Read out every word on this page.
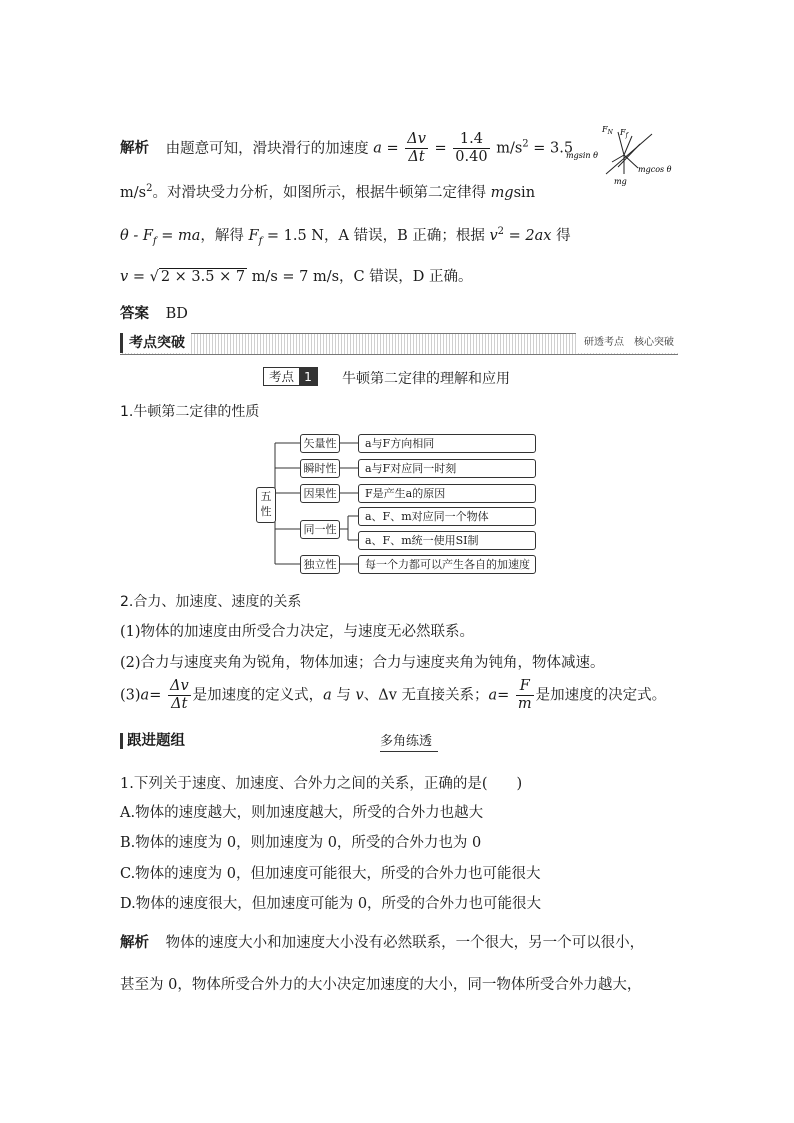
解析 由题意可知，滑块滑行的加速度 $a = \frac{\Delta v}{\Delta t} = \frac{1.4}{0.40} m/s^2 = 3.5$
$F_N$ $F_f$
mgsin θ
mgcos θ
mg
$m/s^2$。对滑块受力分析，如图所示，根据牛顿第二定律得 mgsin
θ - $F_f$ = ma，解得 $F_f = 1.5$ N，A 错误，B 正确；根据 $v^2 = 2ax$ 得
v = √ 2 × 3.5 × 7 m/s = 7 m/s，C 错误，D 正确。
答案 BD
考点突破	研透考点　核心突破
考点 1	牛顿第二定律的理解和应用
1.牛顿第二定律的性质
五性
矢量性	a与F方向相同
瞬时性	a与F对应同一时刻
因果性	F是产生a的原因
同一性
a、F、m对应同一个物体
a、F、m统一使用SI制
独立性	每一个力都可以产生各自的加速度
2.合力、加速度、速度的关系
(1)物体的加速度由所受合力决定，与速度无必然联系。
(2)合力与速度夹角为锐角，物体加速；合力与速度夹角为钝角，物体减速。
$(3)a= \frac{\Delta v}{\Delta t}$ 是加速度的定义式，a 与 v、Δv 无直接关系；$a= \frac{F}{m}$ 是加速度的决定式。
跟进题组	多角练透
1.下列关于速度、加速度、合外力之间的关系，正确的是(　　)
A.物体的速度越大，则加速度越大，所受的合外力也越大
B.物体的速度为 0，则加速度为 0，所受的合外力也为 0
C.物体的速度为 0，但加速度可能很大，所受的合外力也可能很大
D.物体的速度很大，但加速度可能为 0，所受的合外力也可能很大
解析 物体的速度大小和加速度大小没有必然联系，一个很大，另一个可以很小，
甚至为 0，物体所受合外力的大小决定加速度的大小，同一物体所受合外力越大，
